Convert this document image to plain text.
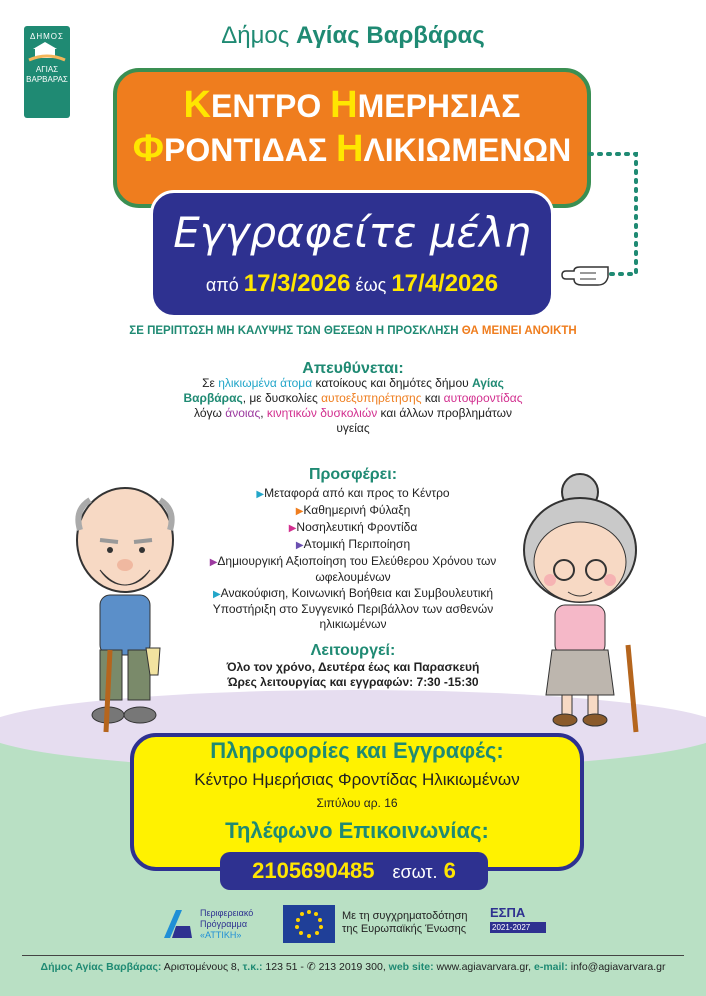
ΔΗΜΟΣ
ΑΓΙΑΣ
ΒΑΡΒΑΡΑΣ
Δήμος Αγίας Βαρβάρας
ΚΕΝΤΡΟ ΗΜΕΡΗΣΙΑΣ
ΦΡΟΝΤΙΔΑΣ ΗΛΙΚΙΩΜΕΝΩΝ
Εγγραφείτε μέλη
από 17/3/2026 έως 17/4/2026
ΣΕ ΠΕΡΙΠΤΩΣΗ ΜΗ ΚΑΛΥΨΗΣ ΤΩΝ ΘΕΣΕΩΝ Η ΠΡΟΣΚΛΗΣΗ ΘΑ ΜΕΙΝΕΙ ΑΝΟΙΚΤΗ
Απευθύνεται:
Σε ηλικιωμένα άτομα κατοίκους και δημότες δήμου Αγίας Βαρβάρας, με δυσκολίες αυτοεξυπηρέτησης και αυτοφροντίδας λόγω άνοιας, κινητικών δυσκολιών και άλλων προβλημάτων υγείας
Προσφέρει:
▶Μεταφορά από και προς το Κέντρο
▶Καθημερινή Φύλαξη
▶Νοσηλευτική Φροντίδα
▶Ατομική Περιποίηση
▶Δημιουργική Αξιοποίηση του Ελεύθερου Χρόνου των ωφελουμένων
▶Ανακούφιση, Κοινωνική Βοήθεια και Συμβουλευτική Υποστήριξη στο Συγγενικό Περιβάλλον των ασθενών ηλικιωμένων
Λειτουργεί:
Όλο τον χρόνο, Δευτέρα έως και Παρασκευή
Ώρες λειτουργίας και εγγραφών: 7:30 -15:30
Πληροφορίες και Εγγραφές:
Κέντρο Ημερήσιας Φροντίδας Ηλικιωμένων
Σιπύλου αρ. 16
Τηλέφωνο Επικοινωνίας:
2105690485 εσωτ. 6
Περιφερειακό
Πρόγραμμα
«ΑΤΤΙΚΗ»
Με τη συγχρηματοδότηση
της Ευρωπαϊκής Ένωσης
ΕΣΠΑ
2021-2027
Δήμος Αγίας Βαρβάρας: Αριστομένους 8, τ.κ.: 123 51 - ✆ 213 2019 300, web site: www.agiavarvara.gr, e-mail: info@agiavarvara.gr
